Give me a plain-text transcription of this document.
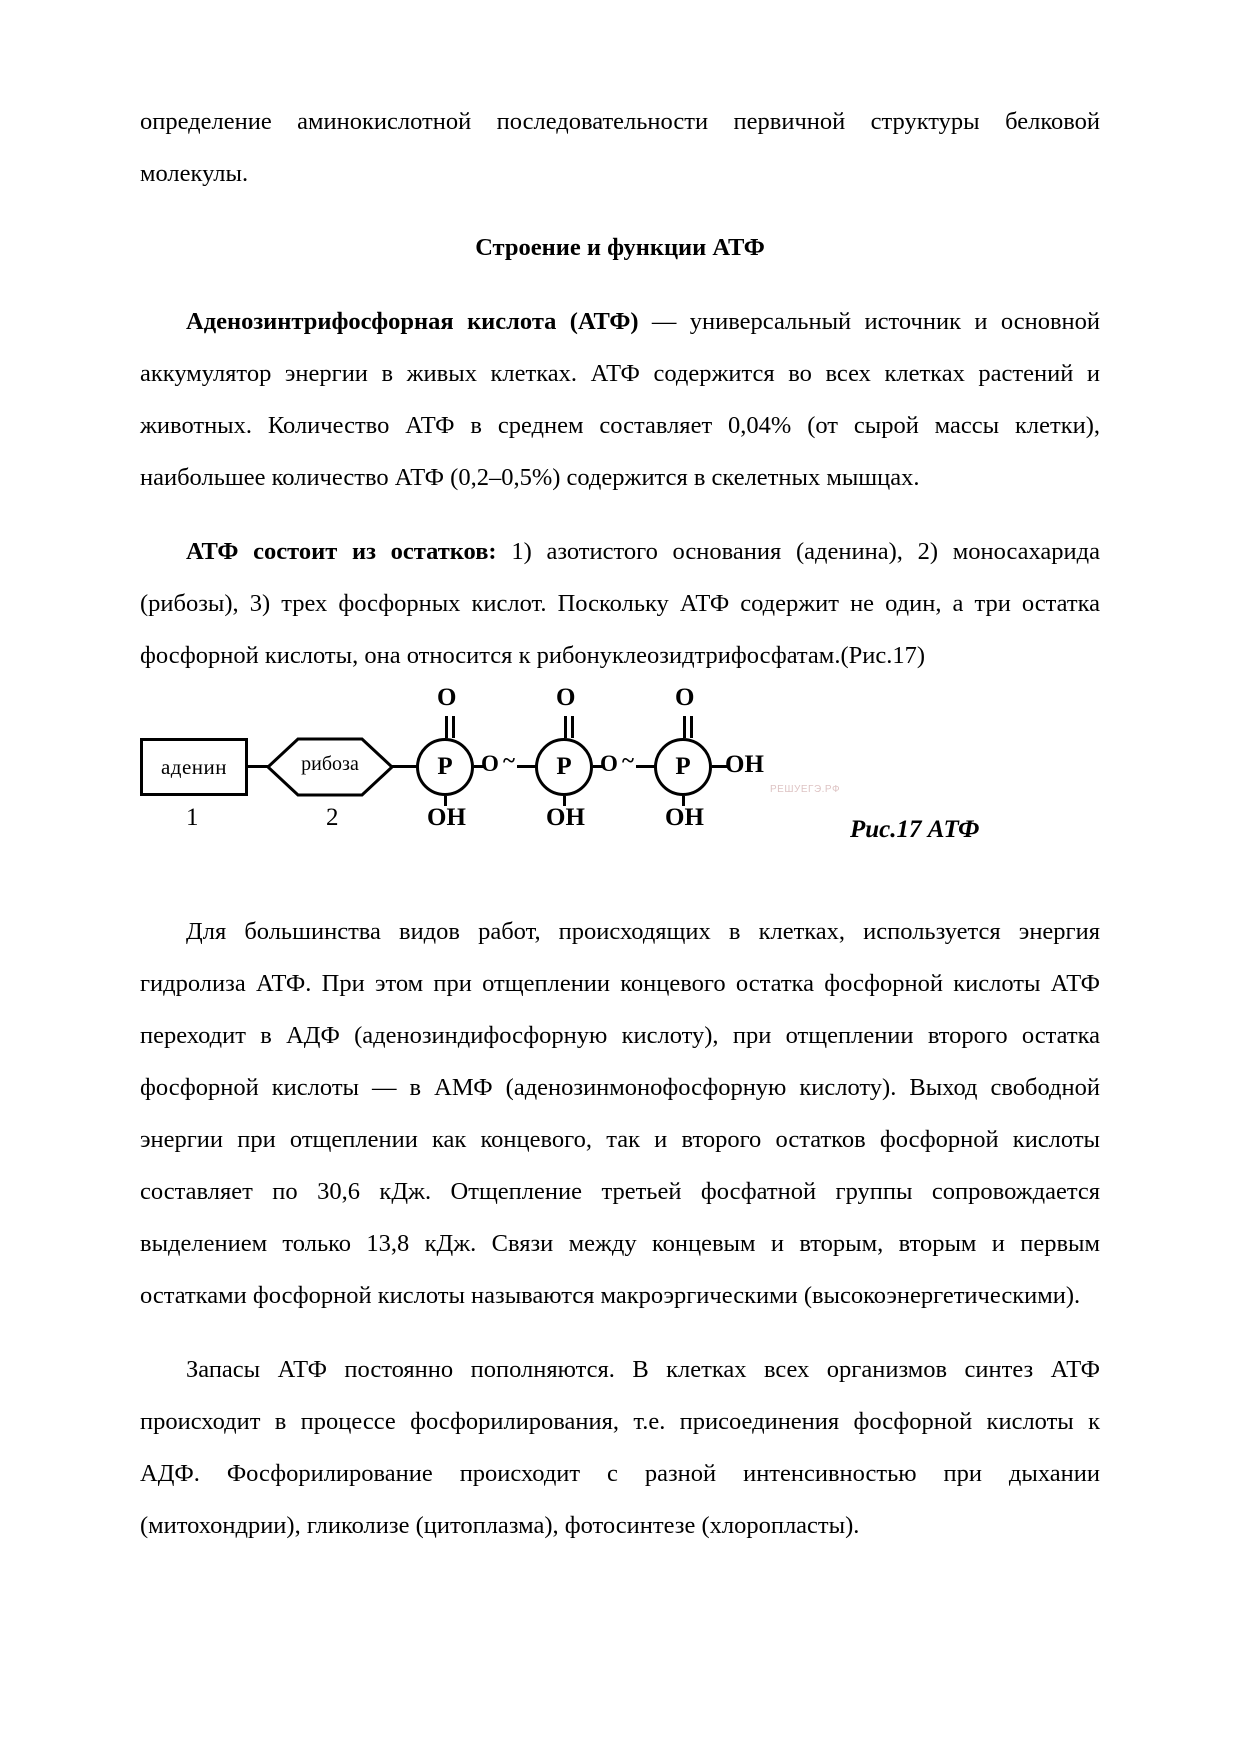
определение аминокислотной последовательности первичной структуры белковой молекулы.

Строение и функции АТФ

Аденозинтрифосфорная кислота (АТФ) — универсальный источник и основной аккумулятор энергии в живых клетках. АТФ содержится во всех клетках растений и животных. Количество АТФ в среднем составляет 0,04% (от сырой массы клетки), наибольшее количество АТФ (0,2–0,5%) содержится в скелетных мышцах.

АТФ состоит из остатков: 1) азотистого основания (аденина), 2) моносахарида (рибозы), 3) трех фосфорных кислот. Поскольку АТФ содержит не один, а три остатка фосфорной кислоты, она относится к рибонуклеозидтрифосфатам.(Рис.17)

аденин
1	2
рибоза
О	О	О
Р	Р	Р
О ~	О ~	ОН
ОН	ОН	ОН
РЕШУЕГЭ.РФ
Рис.17 АТФ

Для большинства видов работ, происходящих в клетках, используется энергия гидролиза АТФ. При этом при отщеплении концевого остатка фосфорной кислоты АТФ переходит в АДФ (аденозиндифосфорную кислоту), при отщеплении второго остатка фосфорной кислоты — в АМФ (аденозинмонофосфорную кислоту). Выход свободной энергии при отщеплении как концевого, так и второго остатков фосфорной кислоты составляет по 30,6 кДж. Отщепление третьей фосфатной группы сопровождается выделением только 13,8 кДж. Связи между концевым и вторым, вторым и первым остатками фосфорной кислоты называются макроэргическими (высокоэнергетическими).

Запасы АТФ постоянно пополняются. В клетках всех организмов синтез АТФ происходит в процессе фосфорилирования, т.е. присоединения фосфорной кислоты к АДФ. Фосфорилирование происходит с разной интенсивностью при дыхании (митохондрии), гликолизе (цитоплазма), фотосинтезе (хлоропласты).
